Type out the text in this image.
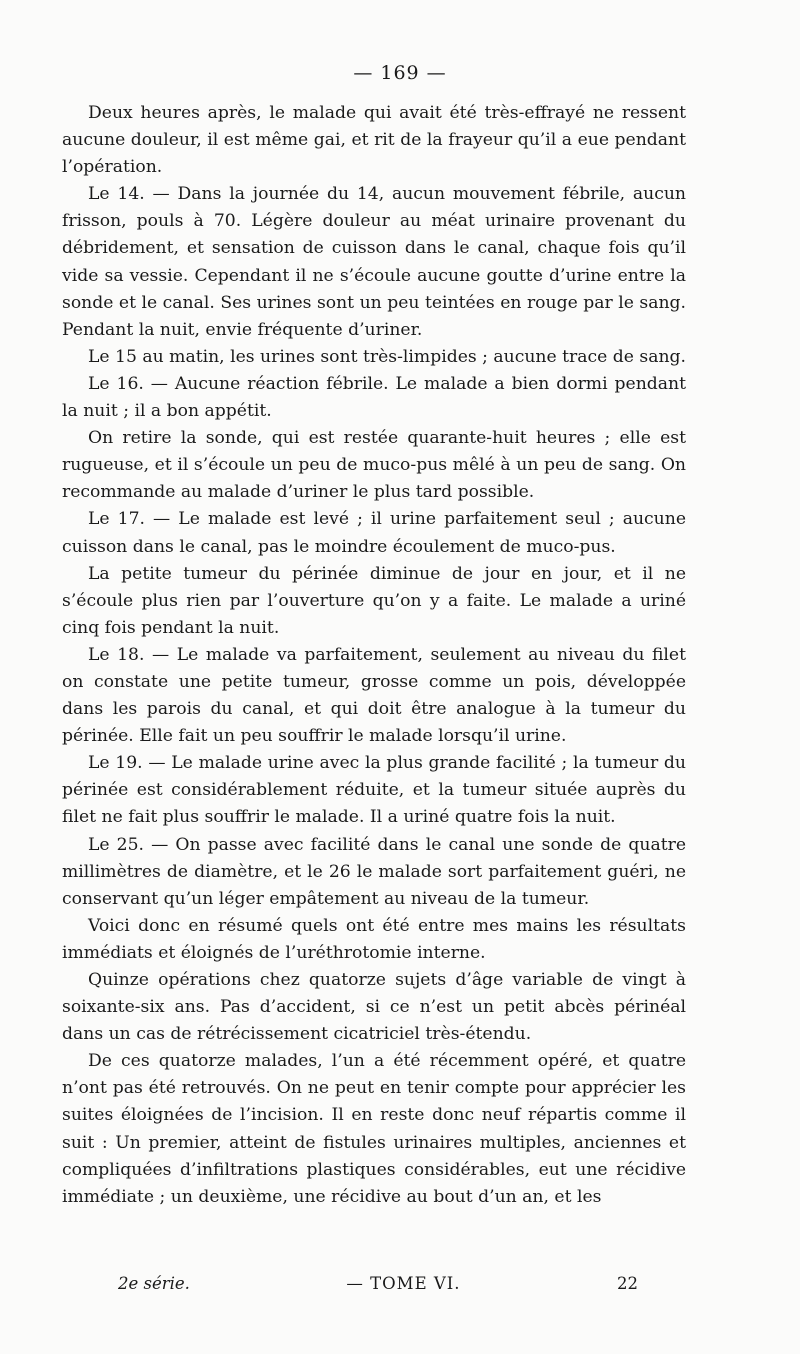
— 169 —

Deux heures après, le malade qui avait été très-effrayé ne ressent aucune douleur, il est même gai, et rit de la frayeur qu’il a eue pendant l’opération.

Le 14. — Dans la journée du 14, aucun mouvement fébrile, aucun frisson, pouls à 70. Légère douleur au méat urinaire provenant du débridement, et sensation de cuisson dans le canal, chaque fois qu’il vide sa vessie. Cependant il ne s’écoule aucune goutte d’urine entre la sonde et le canal. Ses urines sont un peu teintées en rouge par le sang. Pendant la nuit, envie fréquente d’uriner.

Le 15 au matin, les urines sont très-limpides ; aucune trace de sang.

Le 16. — Aucune réaction fébrile. Le malade a bien dormi pendant la nuit ; il a bon appétit.

On retire la sonde, qui est restée quarante-huit heures ; elle est rugueuse, et il s’écoule un peu de muco-pus mêlé à un peu de sang. On recommande au malade d’uriner le plus tard possible.

Le 17. — Le malade est levé ; il urine parfaitement seul ; aucune cuisson dans le canal, pas le moindre écoulement de muco-pus.

La petite tumeur du périnée diminue de jour en jour, et il ne s’écoule plus rien par l’ouverture qu’on y a faite. Le malade a uriné cinq fois pendant la nuit.

Le 18. — Le malade va parfaitement, seulement au niveau du filet on constate une petite tumeur, grosse comme un pois, développée dans les parois du canal, et qui doit être analogue à la tumeur du périnée. Elle fait un peu souffrir le malade lorsqu’il urine.

Le 19. — Le malade urine avec la plus grande facilité ; la tumeur du périnée est considérablement réduite, et la tumeur située auprès du filet ne fait plus souffrir le malade. Il a uriné quatre fois la nuit.

Le 25. — On passe avec facilité dans le canal une sonde de quatre millimètres de diamètre, et le 26 le malade sort parfaitement guéri, ne conservant qu’un léger empâtement au niveau de la tumeur.

Voici donc en résumé quels ont été entre mes mains les résultats immédiats et éloignés de l’uréthrotomie interne.

Quinze opérations chez quatorze sujets d’âge variable de vingt à soixante-six ans. Pas d’accident, si ce n’est un petit abcès périnéal dans un cas de rétrécissement cicatriciel très-étendu.

De ces quatorze malades, l’un a été récemment opéré, et quatre n’ont pas été retrouvés. On ne peut en tenir compte pour apprécier les suites éloignées de l’incision. Il en reste donc neuf répartis comme il suit : Un premier, atteint de fistules urinaires multiples, anciennes et compliquées d’infiltrations plastiques considérables, eut une récidive immédiate ; un deuxième, une récidive au bout d’un an, et les

2e série.	— TOME VI.	22
